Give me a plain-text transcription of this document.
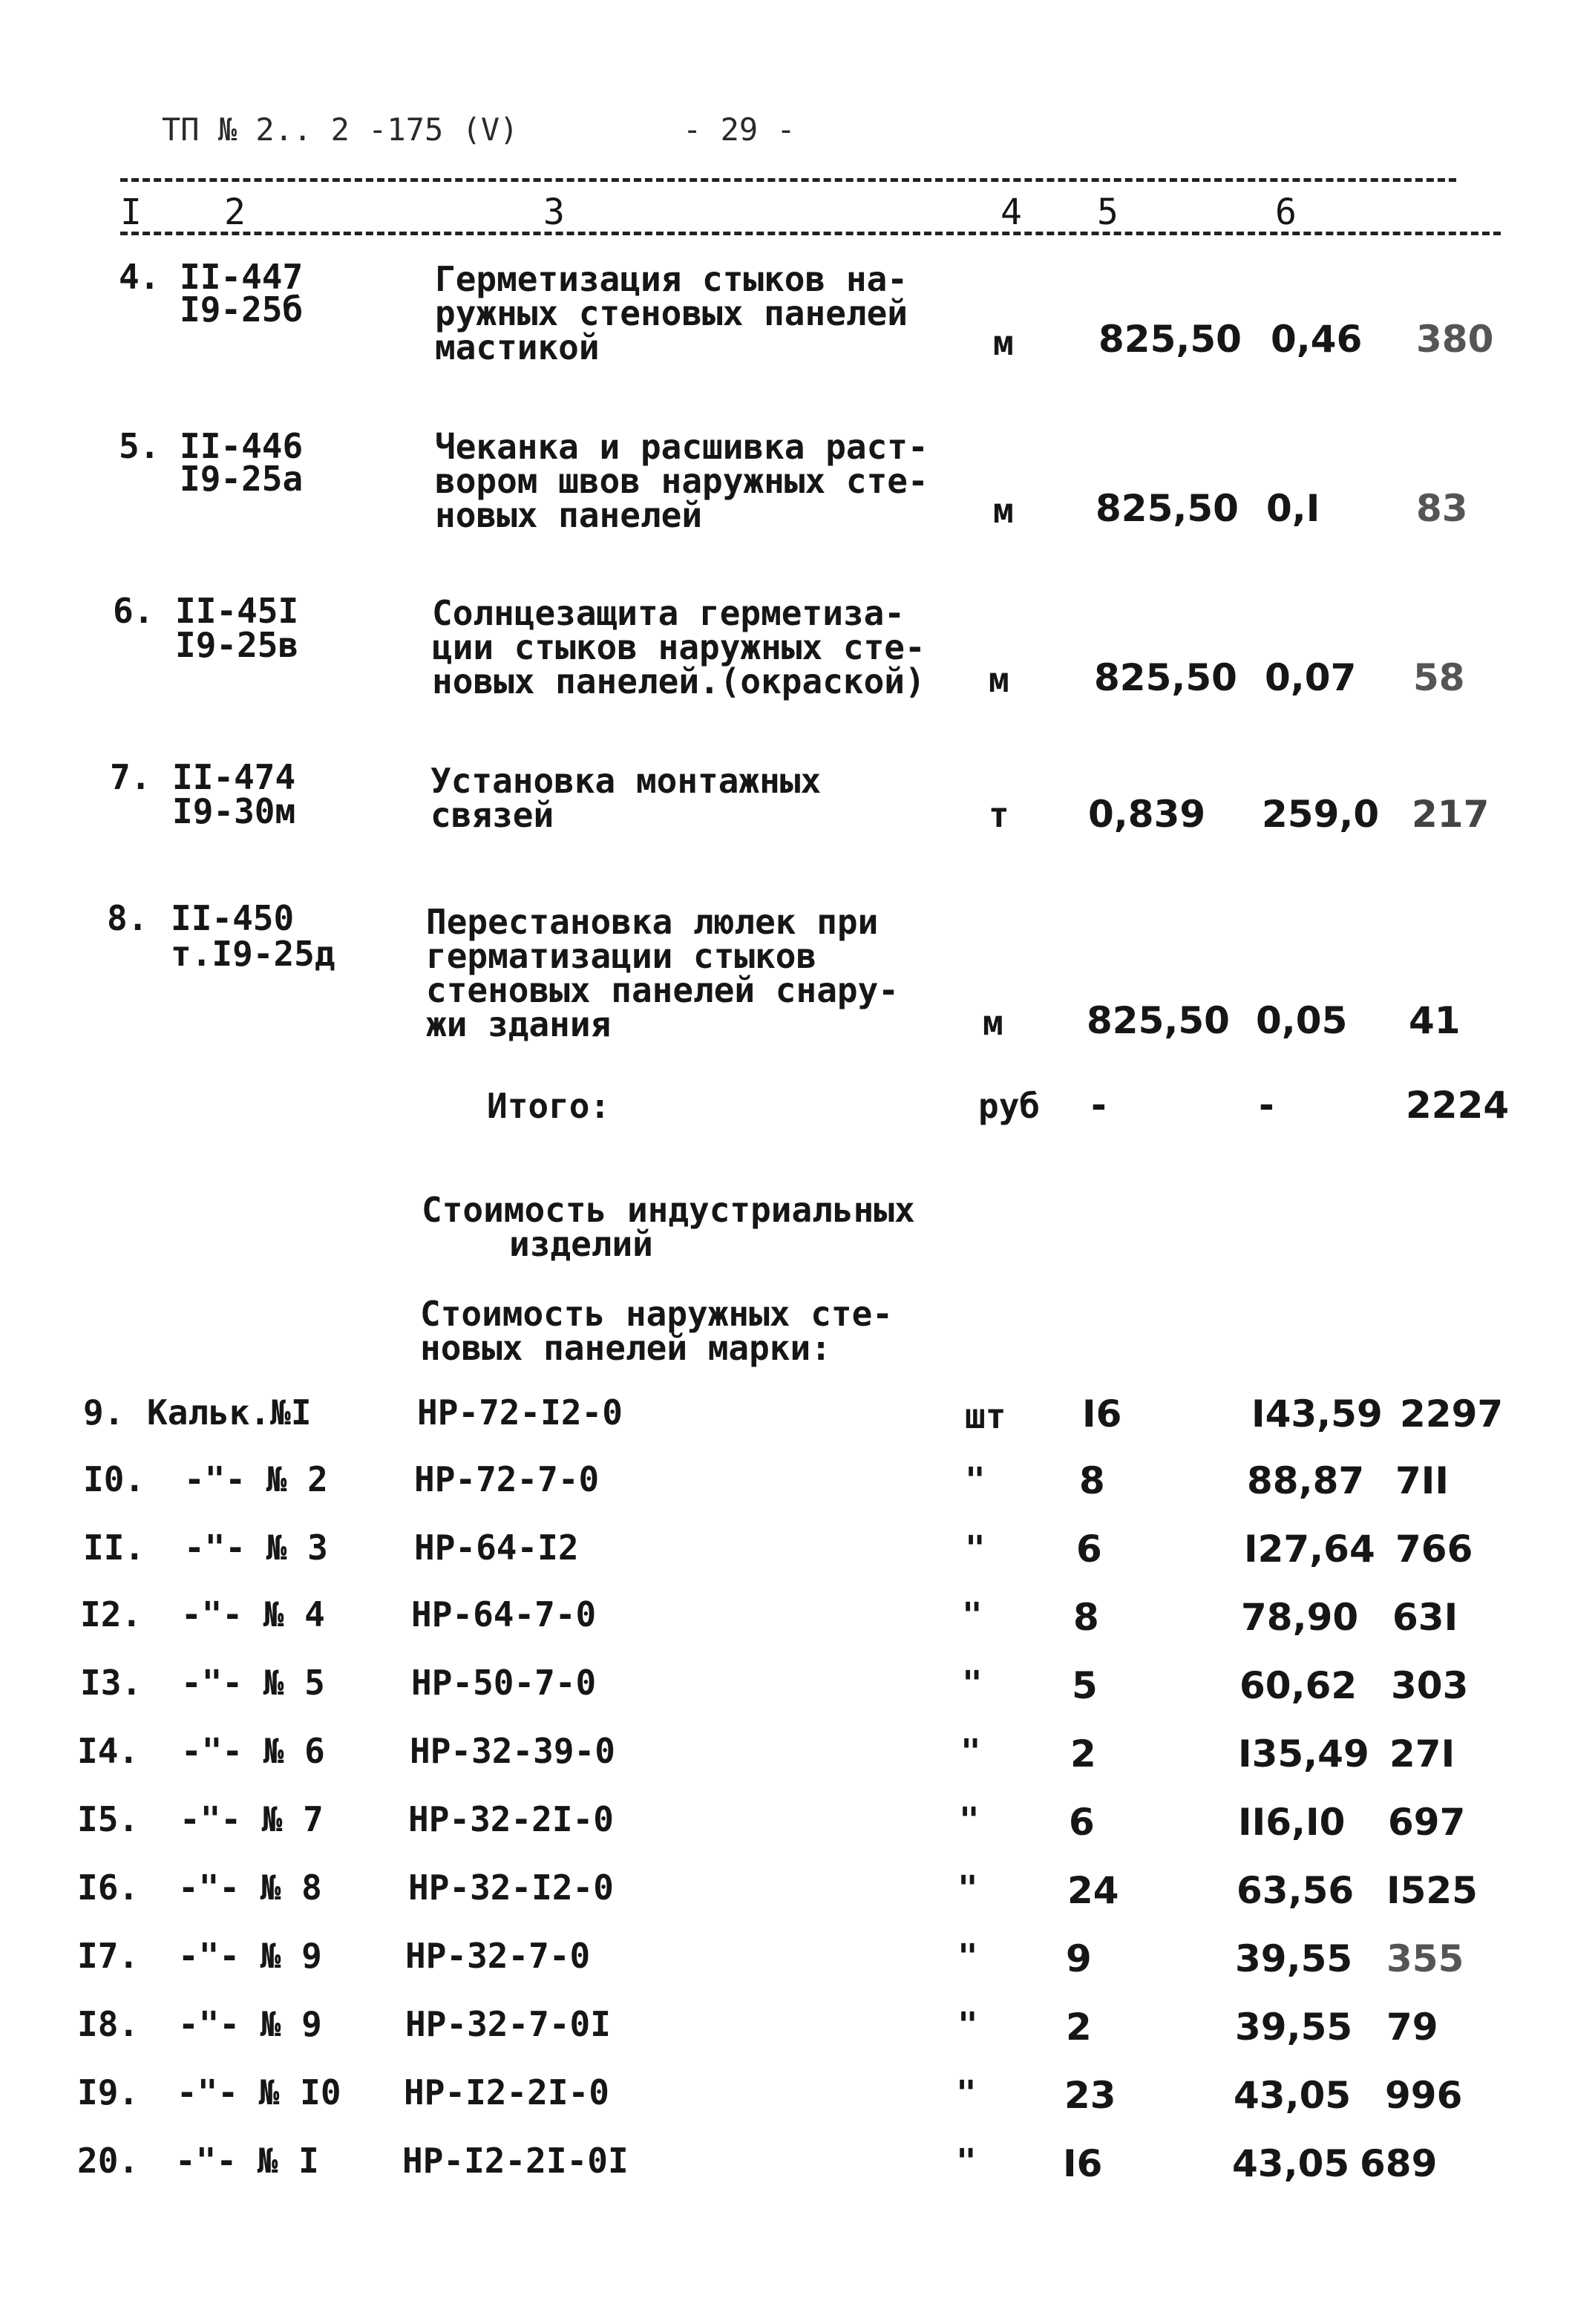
ТП № 2.. 2 -175 (V)	- 29 -
I 2	3	4 5	6
4. II-447
I9-25б
Герметизация стыков на-
ружных стеновых панелей
мастикой	м 825,50 0,46 380
5. II-446
I9-25а
Чеканка и расшивка раст-
вором швов наружных сте-
новых панелей	м 825,50 0,I	83
6. II-45I
I9-25в
Солнцезащита герметиза-
ции стыков наружных сте-
новых панелей.(окраской) м 825,50 0,07 58
7. II-474
I9-30м
Установка монтажных
связей	т 0,839 259,0 217
8. II-450
т.I9-25д
Перестановка люлек при
герматизации стыков
стеновых панелей снару-
жи здания	м 825,50 0,05 41
Итого:	руб -	-	2224
Стоимость индустриальных
изделий
Стоимость наружных сте-
новых панелей марки:
9. Кальк.№I	НР-72-I2-0	шт I6	I43,59 2297
I0. -"- № 2	НР-72-7-0	"	8	88,87 7II
II. -"- № 3	НР-64-I2	" 6	I27,64 766
I2. -"- № 4	НР-64-7-0	" 8	78,90 63I
I3. -"- № 5	НР-50-7-0	" 5	60,62 303
I4. -"- № 6 НР-32-39-0	" 2	I35,49 27I
I5. -"- № 7 НР-32-2I-0	" 6	II6,I0 697
I6. -"- № 8	НР-32-I2-0	" 24	63,56 I525
I7. -"- № 9 НР-32-7-0	" 9	39,55 355
I8. -"- № 9 НР-32-7-0I	" 2	39,55 79
I9. -"- № I0 НР-I2-2I-0	" 23	43,05 996
20. -"- № I НР-I2-2I-0I	" I6	43,05 689
